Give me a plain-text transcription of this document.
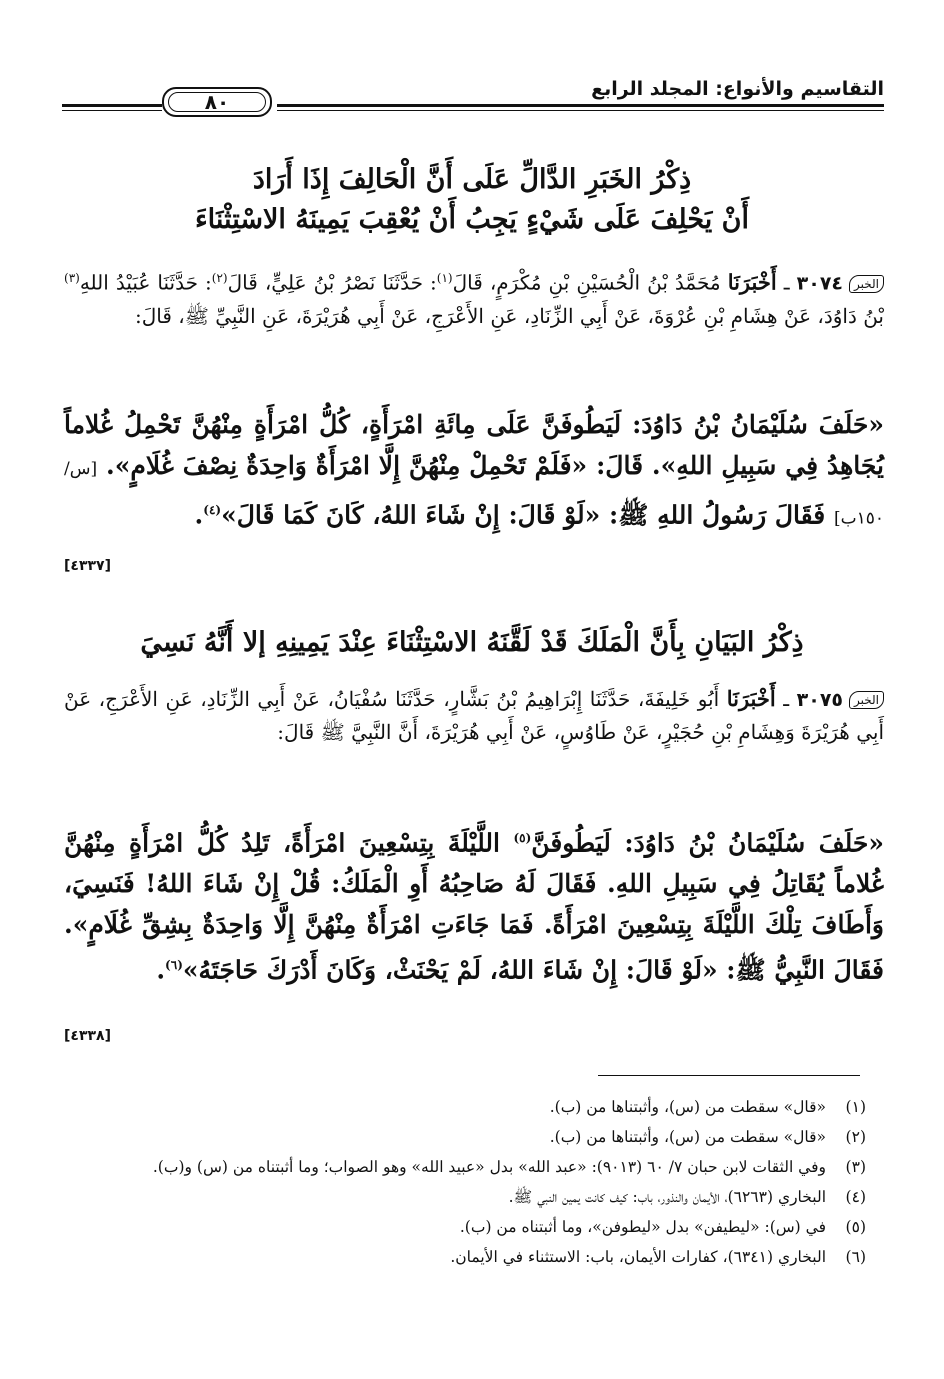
التقاسيم والأنواع: المجلد الرابع
٨٠
ذِكْرُ الخَبَرِ الدَّالِّ عَلَى أَنَّ الْحَالِفَ إِذَا أَرَادَ
أَنْ يَحْلِفَ عَلَى شَيْءٍ يَجِبُ أَنْ يُعْقِبَ يَمِينَهُ الاسْتِثْنَاءَ
الخبر٣٠٧٤ ـ أَخْبَرَنَا مُحَمَّدُ بْنُ الْحُسَيْنِ بْنِ مُكْرَمٍ، قَالَ$^{(١)}$: حَدَّثَنَا نَصْرُ بْنُ عَلِيٍّ، قَالَ$^{(٢)}$: حَدَّثَنَا عُبَيْدُ اللهِ$^{(٣)}$ بْنُ دَاوُدَ، عَنْ هِشَامِ بْنِ عُرْوَةَ، عَنْ أَبِي الزِّنَادِ، عَنِ الأَعْرَجِ، عَنْ أَبِي هُرَيْرَةَ، عَنِ النَّبِيِّ ﷺ، قَالَ:
«حَلَفَ سُلَيْمَانُ بْنُ دَاوُدَ: لَيَطُوفَنَّ عَلَى مِائَةِ امْرَأَةٍ، كُلُّ امْرَأَةٍ مِنْهُنَّ تَحْمِلُ غُلاماً يُجَاهِدُ فِي سَبِيلِ اللهِ». قَالَ: «فَلَمْ تَحْمِلْ مِنْهُنَّ إِلَّا امْرَأَةٌ وَاحِدَةٌ نِصْفَ غُلَامٍ». [س/١٥٠ب] فَقَالَ رَسُولُ اللهِ ﷺ: «لَوْ قَالَ: إِنْ شَاءَ اللهُ، كَانَ كَمَا قَالَ»$^{(٤)}$.
[٤٣٣٧]
ذِكْرُ البَيَانِ بِأَنَّ الْمَلَكَ قَدْ لَقَّنَهُ الاسْتِثْنَاءَ عِنْدَ يَمِينِهِ إلا أَنَّهُ نَسِيَ
الخبر٣٠٧٥ ـ أَخْبَرَنَا أَبُو خَلِيفَةَ، حَدَّثَنَا إِبْرَاهِيمُ بْنُ بَشَّارٍ، حَدَّثَنَا سُفْيَانُ، عَنْ أَبِي الزِّنَادِ، عَنِ الأَعْرَجِ، عَنْ أَبِي هُرَيْرَةَ وَهِشَامِ بْنِ حُجَيْرٍ، عَنْ طَاوُسٍ، عَنْ أَبِي هُرَيْرَةَ، أَنَّ النَّبِيَّ ﷺ قَالَ:
«حَلَفَ سُلَيْمَانُ بْنُ دَاوُدَ: لَيَطُوفَنَّ$^{(٥)}$ اللَّيْلَةَ بِتِسْعِينَ امْرَأَةً، تَلِدُ كُلُّ امْرَأَةٍ مِنْهُنَّ غُلاماً يُقَاتِلُ فِي سَبِيلِ اللهِ. فَقَالَ لَهُ صَاحِبُهُ أَوِ الْمَلَكُ: قُلْ إِنْ شَاءَ اللهُ! فَنَسِيَ، وَأَطَافَ تِلْكَ اللَّيْلَةَ بِتِسْعِينَ امْرَأَةً. فَمَا جَاءَتِ امْرَأَةٌ مِنْهُنَّ إِلَّا وَاحِدَةٌ بِشِقِّ غُلَامٍ». فَقَالَ النَّبِيُّ ﷺ: «لَوْ قَالَ: إِنْ شَاءَ اللهُ، لَمْ يَحْنَثْ، وَكَانَ أَدْرَكَ حَاجَتَهُ»$^{(٦)}$.
[٤٣٣٨]
(١)
«قال» سقطت من (س)، وأثبتناها من (ب).
(٢)
«قال» سقطت من (س)، وأثبتناها من (ب).
(٣)
وفي الثقات لابن حبان ٧/ ٦٠ (٩٠١٣): «عبد الله» بدل «عبيد الله» وهو الصواب؛ وما أثبتناه من (س) و(ب).
(٤)
البخاري (٦٢٦٣)، الأيمان والنذور، باب: كيف كانت يمين النبي ﷺ.
(٥)
في (س): «ليطيفن» بدل «ليطوفن»، وما أثبتناه من (ب).
(٦)
البخاري (٦٣٤١)، كفارات الأيمان، باب: الاستثناء في الأيمان.
